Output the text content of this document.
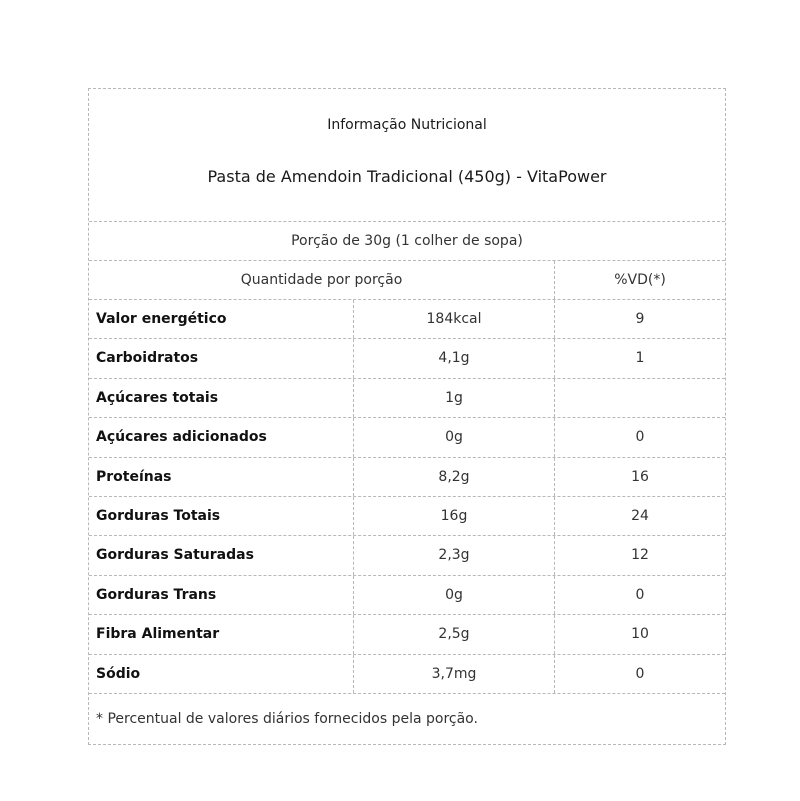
Informação Nutricional
Pasta de Amendoin Tradicional (450g) - VitaPower
Porção de 30g (1 colher de sopa)
Quantidade por porção	%VD(*)
Valor energético	184kcal	9
Carboidratos	4,1g	1
Açúcares totais	1g
Açúcares adicionados	0g	0
Proteínas	8,2g	16
Gorduras Totais	16g	24
Gorduras Saturadas	2,3g	12
Gorduras Trans	0g	0
Fibra Alimentar	2,5g	10
Sódio	3,7mg	0
* Percentual de valores diários fornecidos pela porção.
